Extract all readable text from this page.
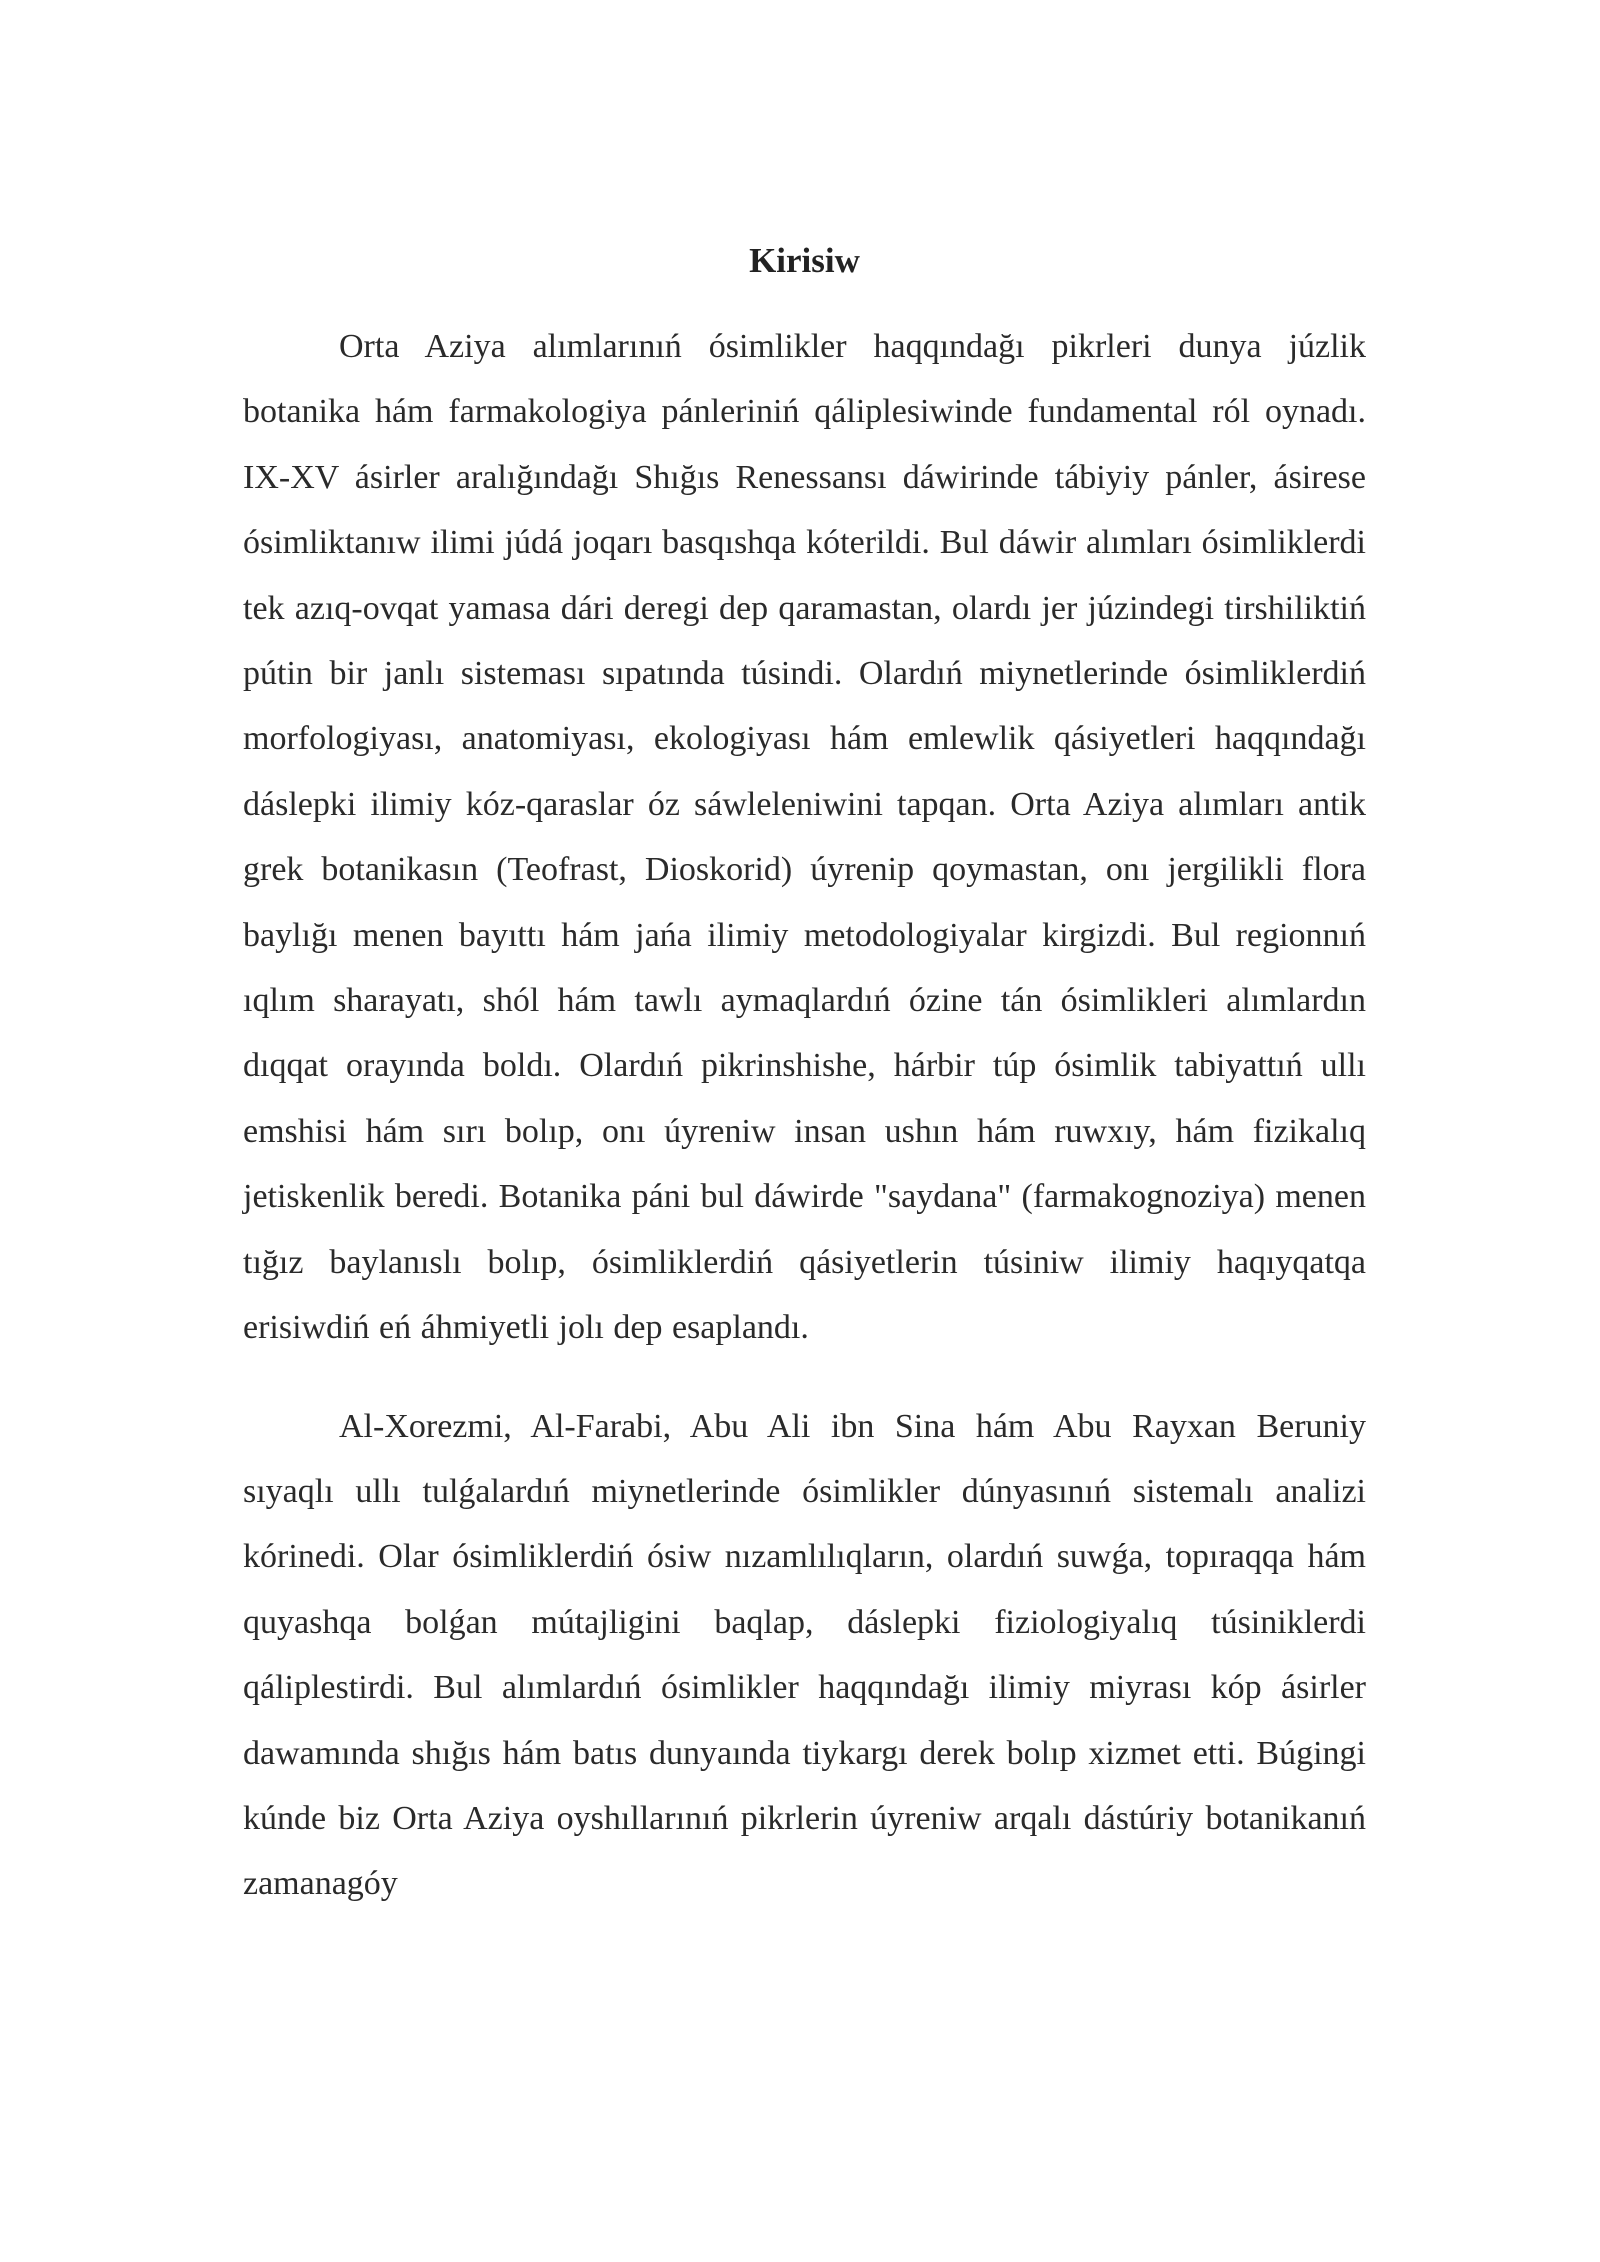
Kirisiw

Orta Aziya alımlarınıń ósimlikler haqqındağı pikrleri dunya júzlik botanika hám farmakologiya pánleriniń qáliplesiwinde fundamental ról oynadı. IX-XV ásirler aralığındağı Shığıs Renessansı dáwirinde tábiyiy pánler, ásirese ósimliktanıw ilimi júdá joqarı basqıshqa kóterildi. Bul dáwir alımları ósimliklerdi tek azıq-ovqat yamasa dári deregi dep qaramastan, olardı jer júzindegi tirshiliktiń pútin bir janlı sisteması sıpatında túsindi. Olardıń miynetlerinde ósimliklerdiń morfologiyası, anatomiyası, ekologiyası hám emlewlik qásiyetleri haqqındağı dáslepki ilimiy kóz-qaraslar óz sáwleleniwini tapqan. Orta Aziya alımları antik grek botanikasın (Teofrast, Dioskorid) úyrenip qoymastan, onı jergilikli flora baylığı menen bayıttı hám jańa ilimiy metodologiyalar kirgizdi. Bul regionnıń ıqlım sharayatı, shól hám tawlı aymaqlardıń ózine tán ósimlikleri alımlardın dıqqat orayında boldı. Olardıń pikrinshishe, hárbir túp ósimlik tabiyattıń ullı emshisi hám sırı bolıp, onı úyreniw insan ushın hám ruwxıy, hám fizikalıq jetiskenlik beredi. Botanika páni bul dáwirde "saydana" (farmakognoziya) menen tığız baylanıslı bolıp, ósimliklerdiń qásiyetlerin túsiniw ilimiy haqıyqatqa erisiwdiń eń áhmiyetli jolı dep esaplandı.

Al-Xorezmi, Al-Farabi, Abu Ali ibn Sina hám Abu Rayxan Beruniy sıyaqlı ullı tulǵalardıń miynetlerinde ósimlikler dúnyasınıń sistemalı analizi kórinedi. Olar ósimliklerdiń ósiw nızamlılıqların, olardıń suwǵa, topıraqqa hám quyashqa bolǵan mútajligini baqlap, dáslepki fiziologiyalıq túsiniklerdi qáliplestirdi. Bul alımlardıń ósimlikler haqqındağı ilimiy miyrası kóp ásirler dawamında shığıs hám batıs dunyaında tiykargı derek bolıp xizmet etti. Búgingi kúnde biz Orta Aziya oyshıllarınıń pikrlerin úyreniw arqalı dástúriy botanikanıń zamanagóy
